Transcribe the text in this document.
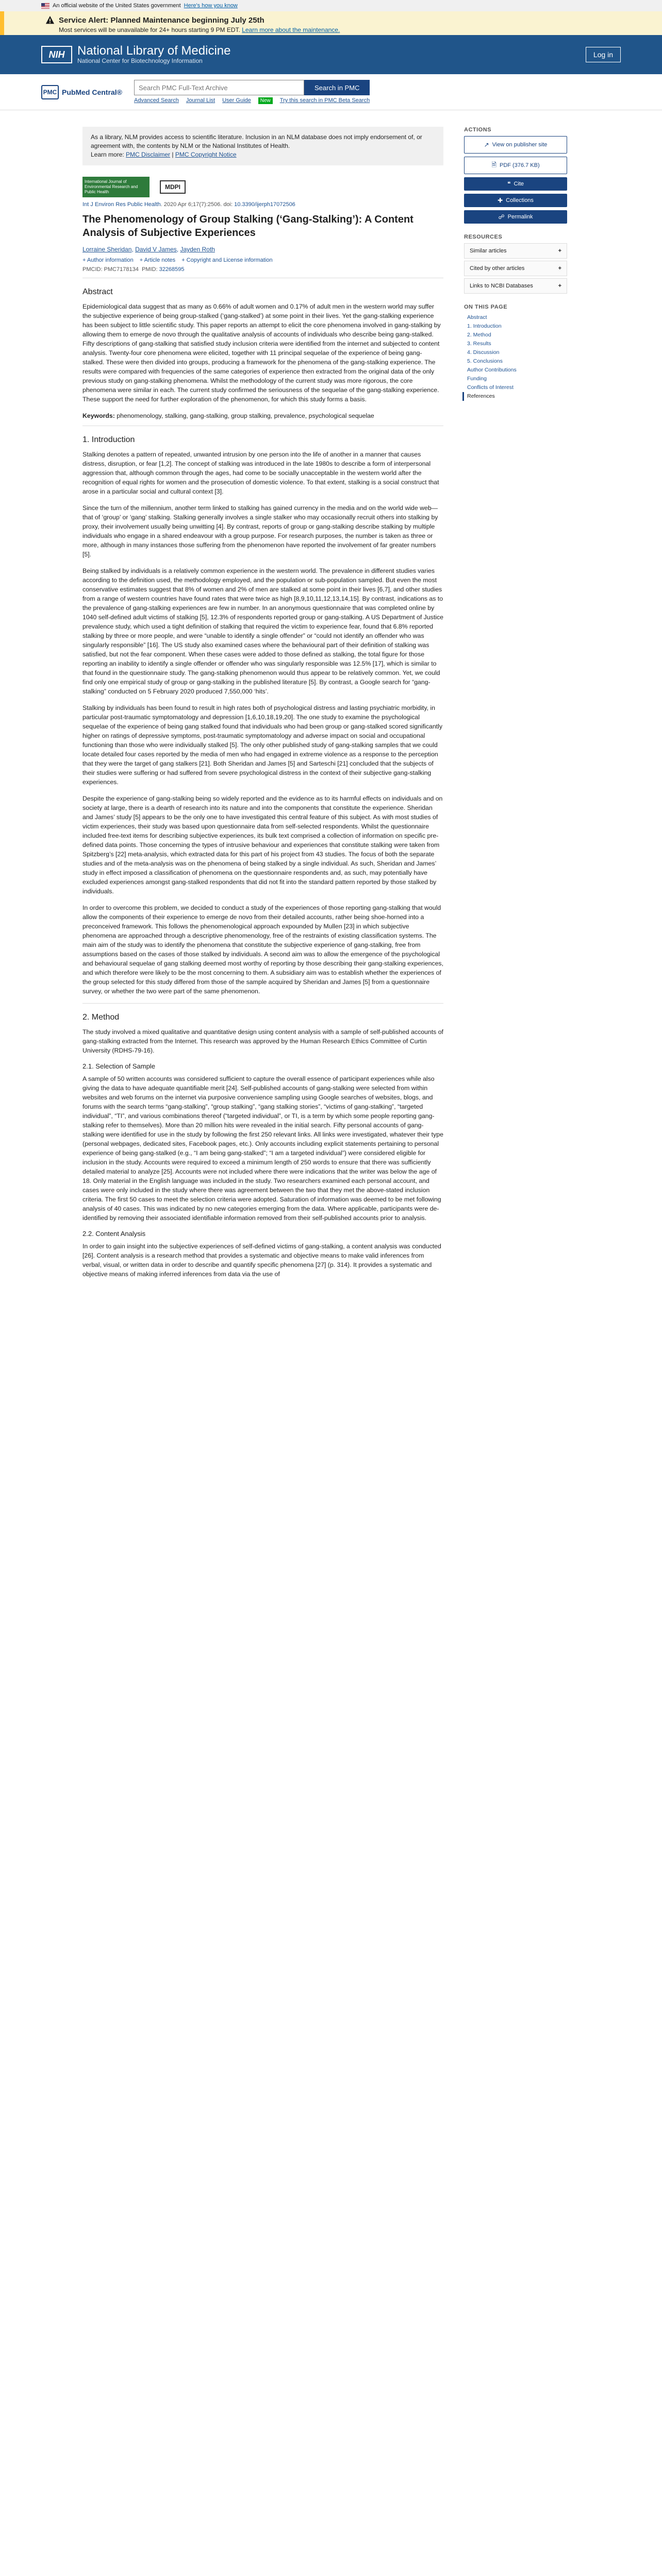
An official website of the United States government Here's how you know
Service Alert: Planned Maintenance beginning July 25th
Most services will be unavailable for 24+ hours starting 9 PM EDT. Learn more about the maintenance.
NIH	National Library of Medicine
National Center for Biotechnology Information
Log in
PMC PubMed Central®
Search PMC Full-Text Archive
Search in PMC
Advanced Search Journal List User Guide	New	Try this search in PMC Beta Search
As a library, NLM provides access to scientific literature. Inclusion in an NLM database does not imply endorsement of, or agreement with, the contents by NLM or the National Institutes of Health.
Learn more: PMC Disclaimer | PMC Copyright Notice
International Journal of Environmental Research and Public Health
MDPI
Int J Environ Res Public Health. 2020 Apr 6;17(7):2506. doi: 10.3390/ijerph17072506
The Phenomenology of Group Stalking (‘Gang-Stalking’): A Content Analysis of Subjective Experiences
Lorraine Sheridan, David V James, Jayden Roth
+ Author information	+ Article notes	+ Copyright and License information
PMCID: PMC7178134 PMID: 32268595
Abstract

Epidemiological data suggest that as many as 0.66% of adult women and 0.17% of adult men in the western world may suffer the subjective experience of being group-stalked (‘gang-stalked’) at some point in their lives. Yet the gang-stalking experience has been subject to little scientific study. This paper reports an attempt to elicit the core phenomena involved in gang-stalking by allowing them to emerge de novo through the qualitative analysis of accounts of individuals who describe being gang-stalked. Fifty descriptions of gang-stalking that satisfied study inclusion criteria were identified from the internet and subjected to content analysis. Twenty-four core phenomena were elicited, together with 11 principal sequelae of the experience of being gang-stalked. These were then divided into groups, producing a framework for the phenomena of the gang-stalking experience. The results were compared with frequencies of the same categories of experience then extracted from the original data of the only previous study on gang-stalking phenomena. Whilst the methodology of the current study was more rigorous, the core phenomena were similar in each. The current study confirmed the seriousness of the sequelae of the gang-stalking experience. These support the need for further exploration of the phenomenon, for which this study forms a basis.

Keywords: phenomenology, stalking, gang-stalking, group stalking, prevalence, psychological sequelae

1. Introduction

Stalking denotes a pattern of repeated, unwanted intrusion by one person into the life of another in a manner that causes distress, disruption, or fear [1,2]. The concept of stalking was introduced in the late 1980s to describe a form of interpersonal aggression that, although common through the ages, had come to be socially unacceptable in the western world after the recognition of equal rights for women and the prosecution of domestic violence. To that extent, stalking is a social construct that arose in a particular social and cultural context [3].

Since the turn of the millennium, another term linked to stalking has gained currency in the media and on the world wide web—that of ‘group’ or ‘gang’ stalking. Stalking generally involves a single stalker who may occasionally recruit others into stalking by proxy, their involvement usually being unwitting [4]. By contrast, reports of group or gang-stalking describe stalking by multiple individuals who engage in a shared endeavour with a group purpose. For research purposes, the number is taken as three or more, although in many instances those suffering from the phenomenon have reported the involvement of far greater numbers [5].

Being stalked by individuals is a relatively common experience in the western world. The prevalence in different studies varies according to the definition used, the methodology employed, and the population or sub-population sampled. But even the most conservative estimates suggest that 8% of women and 2% of men are stalked at some point in their lives [6,7], and other studies from a range of western countries have found rates that were twice as high [8,9,10,11,12,13,14,15]. By contrast, indications as to the prevalence of gang-stalking experiences are few in number. In an anonymous questionnaire that was completed online by 1040 self-defined adult victims of stalking [5], 12.3% of respondents reported group or gang-stalking. A US Department of Justice prevalence study, which used a tight definition of stalking that required the victim to experience fear, found that 6.8% reported stalking by three or more people, and were “unable to identify a single offender” or “could not identify an offender who was singularly responsible” [16]. The US study also examined cases where the behavioural part of their definition of stalking was satisfied, but not the fear component. When these cases were added to those defined as stalking, the total figure for those reporting an inability to identify a single offender or offender who was singularly responsible was 12.5% [17], which is similar to that found in the questionnaire study. The gang-stalking phenomenon would thus appear to be relatively common. Yet, we could find only one empirical study of group or gang-stalking in the published literature [5]. By contrast, a Google search for “gang-stalking” conducted on 5 February 2020 produced 7,550,000 ‘hits’.

Stalking by individuals has been found to result in high rates both of psychological distress and lasting psychiatric morbidity, in particular post-traumatic symptomatology and depression [1,6,10,18,19,20]. The one study to examine the psychological sequelae of the experience of being gang stalked found that individuals who had been group or gang-stalked scored significantly higher on ratings of depressive symptoms, post-traumatic symptomatology and adverse impact on social and occupational functioning than those who were individually stalked [5]. The only other published study of gang-stalking samples that we could locate detailed four cases reported by the media of men who had engaged in extreme violence as a response to the perception that they were the target of gang stalkers [21]. Both Sheridan and James [5] and Sarteschi [21] concluded that the subjects of their studies were suffering or had suffered from severe psychological distress in the context of their subjective gang-stalking experiences.

Despite the experience of gang-stalking being so widely reported and the evidence as to its harmful effects on individuals and on society at large, there is a dearth of research into its nature and into the components that constitute the experience. Sheridan and James’ study [5] appears to be the only one to have investigated this central feature of this subject. As with most studies of victim experiences, their study was based upon questionnaire data from self-selected respondents. Whilst the questionnaire included free-text items for describing subjective experiences, its bulk text comprised a collection of information on specific pre-defined data points. Those concerning the types of intrusive behaviour and experiences that constitute stalking were taken from Spitzberg’s [22] meta-analysis, which extracted data for this part of his project from 43 studies. The focus of both the separate studies and of the meta-analysis was on the phenomena of being stalked by a single individual. As such, Sheridan and James’ study in effect imposed a classification of phenomena on the questionnaire respondents and, as such, may potentially have excluded experiences amongst gang-stalked respondents that did not fit into the standard pattern reported by those stalked by individuals.

In order to overcome this problem, we decided to conduct a study of the experiences of those reporting gang-stalking that would allow the components of their experience to emerge de novo from their detailed accounts, rather being shoe-horned into a preconceived framework. This follows the phenomenological approach expounded by Mullen [23] in which subjective phenomena are approached through a descriptive phenomenology, free of the restraints of existing classification systems. The main aim of the study was to identify the phenomena that constitute the subjective experience of gang-stalking, free from assumptions based on the cases of those stalked by individuals. A second aim was to allow the emergence of the psychological and behavioural sequelae of gang stalking deemed most worthy of reporting by those describing their gang-stalking experiences, and which therefore were likely to be the most concerning to them. A subsidiary aim was to establish whether the experiences of the group selected for this study differed from those of the sample acquired by Sheridan and James [5] from a questionnaire survey, or whether the two were part of the same phenomenon.

2. Method

The study involved a mixed qualitative and quantitative design using content analysis with a sample of self-published accounts of gang-stalking extracted from the Internet. This research was approved by the Human Research Ethics Committee of Curtin University (RDHS-79-16).

2.1. Selection of Sample

A sample of 50 written accounts was considered sufficient to capture the overall essence of participant experiences while also giving the data to have adequate quantifiable merit [24]. Self-published accounts of gang-stalking were selected from within websites and web forums on the internet via purposive convenience sampling using Google searches of websites, blogs, and forums with the search terms “gang-stalking”, “group stalking”, “gang stalking stories”, “victims of gang-stalking”, “targeted individual”, “TI”, and various combinations thereof (“targeted individual”, or TI, is a term by which some people reporting gang-stalking refer to themselves). More than 20 million hits were revealed in the initial search. Fifty personal accounts of gang-stalking were identified for use in the study by following the first 250 relevant links. All links were investigated, whatever their type (personal webpages, dedicated sites, Facebook pages, etc.). Only accounts including explicit statements pertaining to personal experience of being gang-stalked (e.g., “I am being gang-stalked”; “I am a targeted individual”) were considered eligible for inclusion in the study. Accounts were required to exceed a minimum length of 250 words to ensure that there was sufficiently detailed material to analyze [25]. Accounts were not included where there were indications that the writer was below the age of 18. Only material in the English language was included in the study. Two researchers examined each personal account, and cases were only included in the study where there was agreement between the two that they met the above-stated inclusion criteria. The first 50 cases to meet the selection criteria were adopted. Saturation of information was deemed to be met following analysis of 40 cases. This was indicated by no new categories emerging from the data. Where applicable, participants were de-identified by removing their associated identifiable information removed from their self-published accounts prior to analysis.

2.2. Content Analysis

In order to gain insight into the subjective experiences of self-defined victims of gang-stalking, a content analysis was conducted [26]. Content analysis is a research method that provides a systematic and objective means to make valid inferences from verbal, visual, or written data in order to describe and quantify specific phenomena [27] (p. 314). It provides a systematic and objective means of making inferred inferences from data via the use of

ACTIONS
↗ View on publisher site
🗎 PDF (376.7 KB)
❝ Cite
✚ Collections
☍ Permalink
RESOURCES
Similar articles	+
Cited by other articles	+
Links to NCBI Databases	+
ON THIS PAGE
Abstract
1. Introduction
2. Method
3. Results
4. Discussion
5. Conclusions
Author Contributions
Funding
Conflicts of Interest
References
